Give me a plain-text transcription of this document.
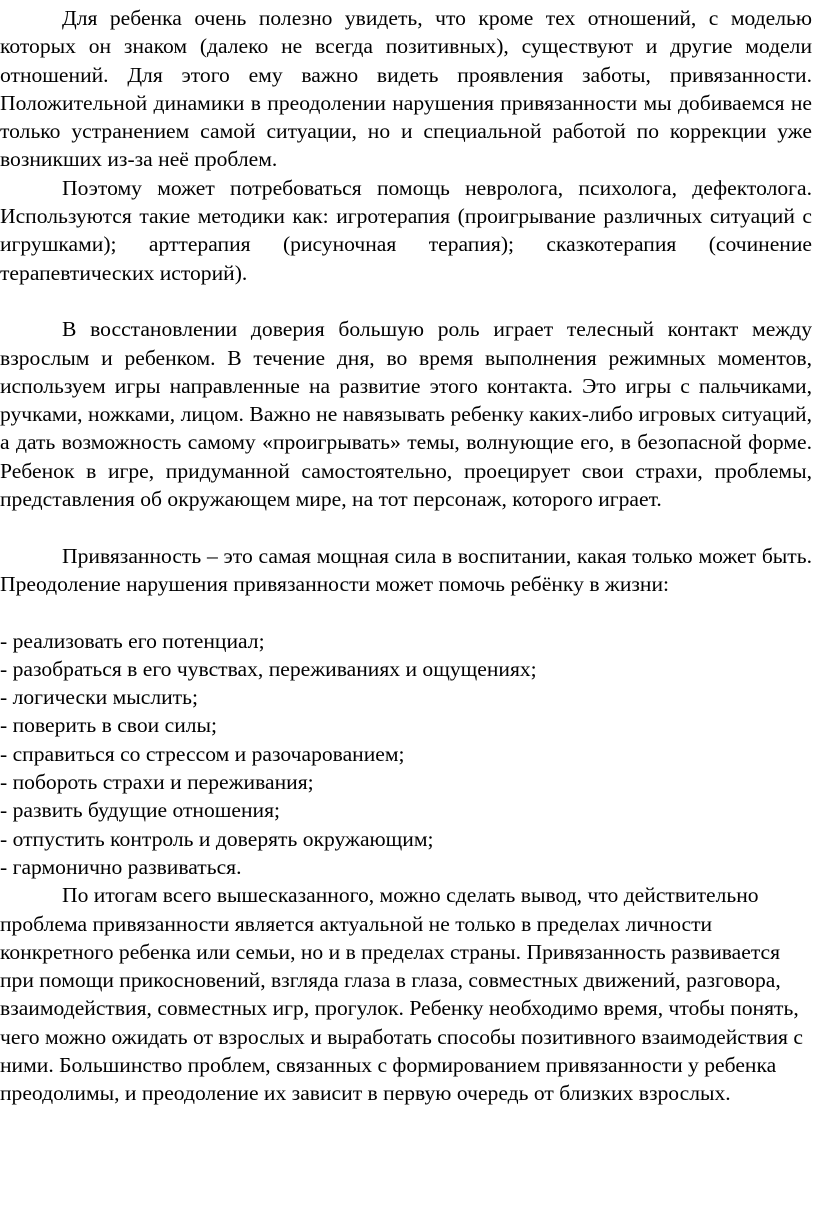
Для ребенка очень полезно увидеть, что кроме тех отношений, с моделью которых он знаком (далеко не всегда позитивных), существуют и другие модели отношений. Для этого ему важно видеть проявления заботы, привязанности. Положительной динамики в преодолении нарушения привязанности мы добиваемся не только устранением самой ситуации, но и специальной работой по коррекции уже возникших из-за неё проблем.

Поэтому может потребоваться помощь невролога, психолога, дефектолога. Используются такие методики как: игротерапия (проигрывание различных ситуаций с игрушками); арттерапия (рисуночная терапия); сказкотерапия (сочинение терапевтических историй).

В восстановлении доверия большую роль играет телесный контакт между взрослым и ребенком. В течение дня, во время выполнения режимных моментов, используем игры направленные на развитие этого контакта. Это игры с пальчиками, ручками, ножками, лицом. Важно не навязывать ребенку каких-либо игровых ситуаций, а дать возможность самому «проигрывать» темы, волнующие его, в безопасной форме. Ребенок в игре, придуманной самостоятельно, проецирует свои страхи, проблемы, представления об окружающем мире, на тот персонаж, которого играет.

Привязанность – это самая мощная сила в воспитании, какая только может быть. Преодоление нарушения привязанности может помочь ребёнку в жизни:

- реализовать его потенциал;
- разобраться в его чувствах, переживаниях и ощущениях;
- логически мыслить;
- поверить в свои силы;
- справиться со стрессом и разочарованием;
- побороть страхи и переживания;
- развить будущие отношения;
- отпустить контроль и доверять окружающим;
- гармонично развиваться.

По итогам всего вышесказанного, можно сделать вывод, что действительно проблема привязанности является актуальной не только в пределах личности конкретного ребенка или семьи, но и в пределах страны. Привязанность развивается при помощи прикосновений, взгляда глаза в глаза, совместных движений, разговора, взаимодействия, совместных игр, прогулок. Ребенку необходимо время, чтобы понять, чего можно ожидать от взрослых и выработать способы позитивного взаимодействия с ними. Большинство проблем, связанных с формированием привязанности у ребенка преодолимы, и преодоление их зависит в первую очередь от близких взрослых.
